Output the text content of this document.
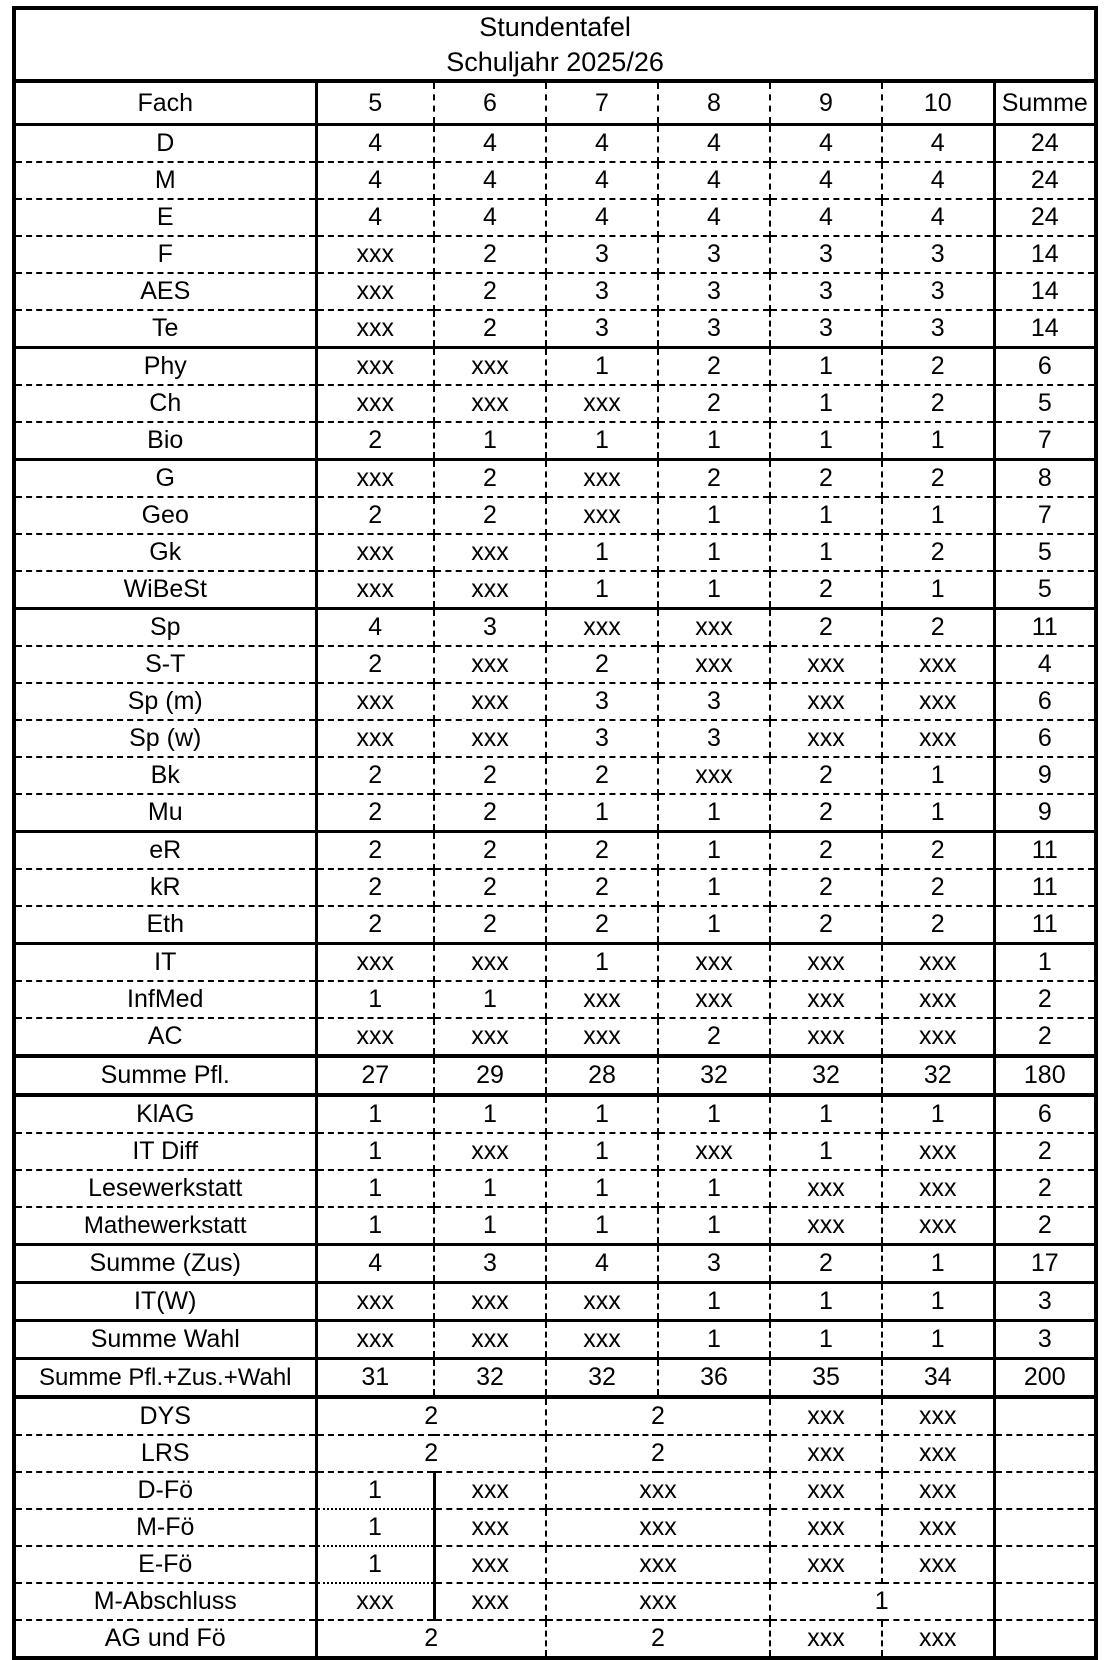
Stundentafel
Schuljahr 2025/26							

Fach	5	6	7	8	9	10	Summe
D	4	4	4	4	4	4	24
M	4	4	4	4	4	4	24
E	4	4	4	4	4	4	24
F	xxx	2	3	3	3	3	14
AES	xxx	2	3	3	3	3	14
Te	xxx	2	3	3	3	3	14
Phy	xxx	xxx	1	2	1	2	6
Ch	xxx	xxx	xxx	2	1	2	5
Bio	2	1	1	1	1	1	7
G	xxx	2	xxx	2	2	2	8
Geo	2	2	xxx	1	1	1	7
Gk	xxx	xxx	1	1	1	2	5
WiBeSt	xxx	xxx	1	1	2	1	5
Sp	4	3	xxx	xxx	2	2	11
S-T	2	xxx	2	xxx	xxx	xxx	4
Sp (m)	xxx	xxx	3	3	xxx	xxx	6
Sp (w)	xxx	xxx	3	3	xxx	xxx	6
Bk	2	2	2	xxx	2	1	9
Mu	2	2	1	1	2	1	9
eR	2	2	2	1	2	2	11
kR	2	2	2	1	2	2	11
Eth	2	2	2	1	2	2	11
IT	xxx	xxx	1	xxx	xxx	xxx	1
InfMed	1	1	xxx	xxx	xxx	xxx	2
AC	xxx	xxx	xxx	2	xxx	xxx	2
Summe Pfl.	27	29	28	32	32	32	180
KlAG	1	1	1	1	1	1	6
IT Diff	1	xxx	1	xxx	1	xxx	2
Lesewerkstatt	1	1	1	1	xxx	xxx	2
Mathewerkstatt	1	1	1	1	xxx	xxx	2
Summe (Zus)	4	3	4	3	2	1	17
IT(W)	xxx	xxx	xxx	1	1	1	3
Summe Wahl	xxx	xxx	xxx	1	1	1	3
Summe Pfl.+Zus.+Wahl	31	32	32	36	35	34	200
DYS	2		2		xxx	xxx	
LRS	2		2		xxx	xxx	
D-Fö	1	xxx	xxx		xxx	xxx	
M-Fö	1	xxx	xxx		xxx	xxx	
E-Fö	1	xxx	xxx		xxx	xxx	
M-Abschluss	xxx	xxx	xxx		1		
AG und Fö	2		2		xxx	xxx	
